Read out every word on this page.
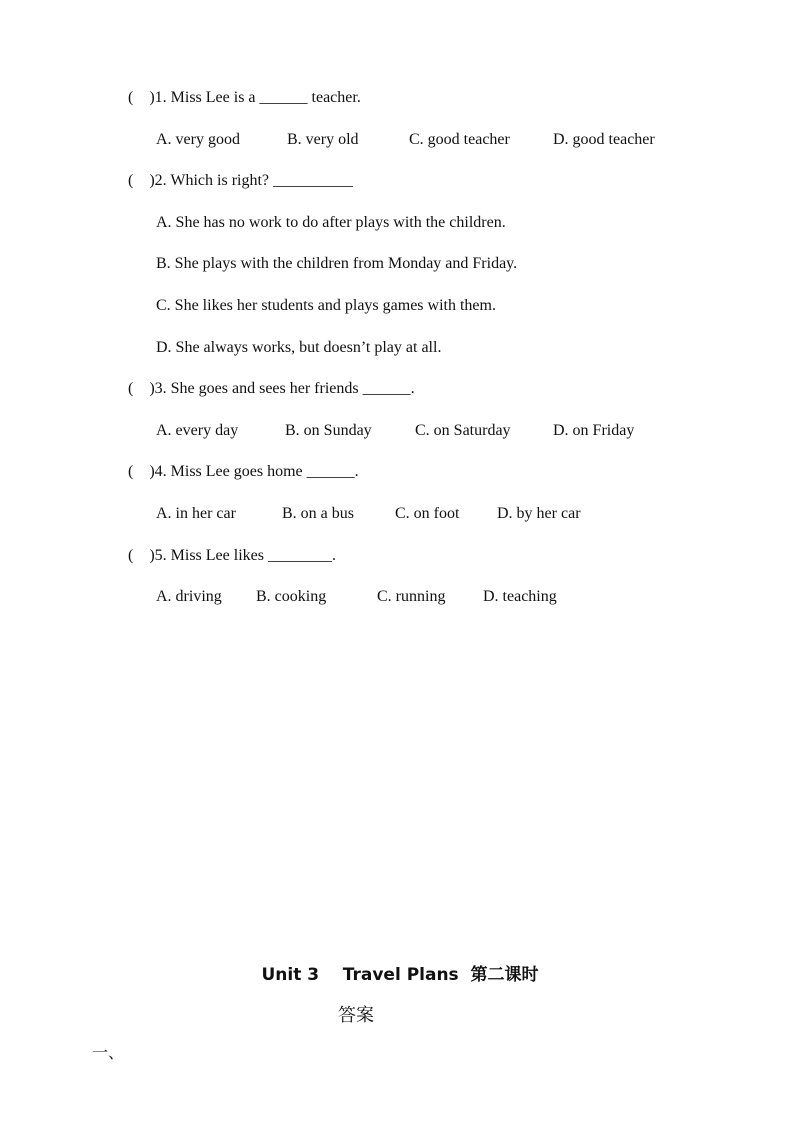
(    )1. Miss Lee is a ______ teacher.

A. very good

	B. very old

	C. good teacher

	D. good teacher

(    )2. Which is right? __________
A. She has no work to do after plays with the children.
B. She plays with the children from Monday and Friday.
C. She likes her students and plays games with them.
D. She always works, but doesn’t play at all.
(    )3. She goes and sees her friends ______.

A. every day

	B. on Sunday

	C. on Saturday

	D. on Friday

(    )4. Miss Lee goes home ______.

A. in her car

	B. on a bus

	C. on foot

D. by her car

(    )5. Miss Lee likes ________.

A. driving

B. cooking

	C. running

D. teaching

Unit 3    Travel Plans  第二课时
答案
一、
